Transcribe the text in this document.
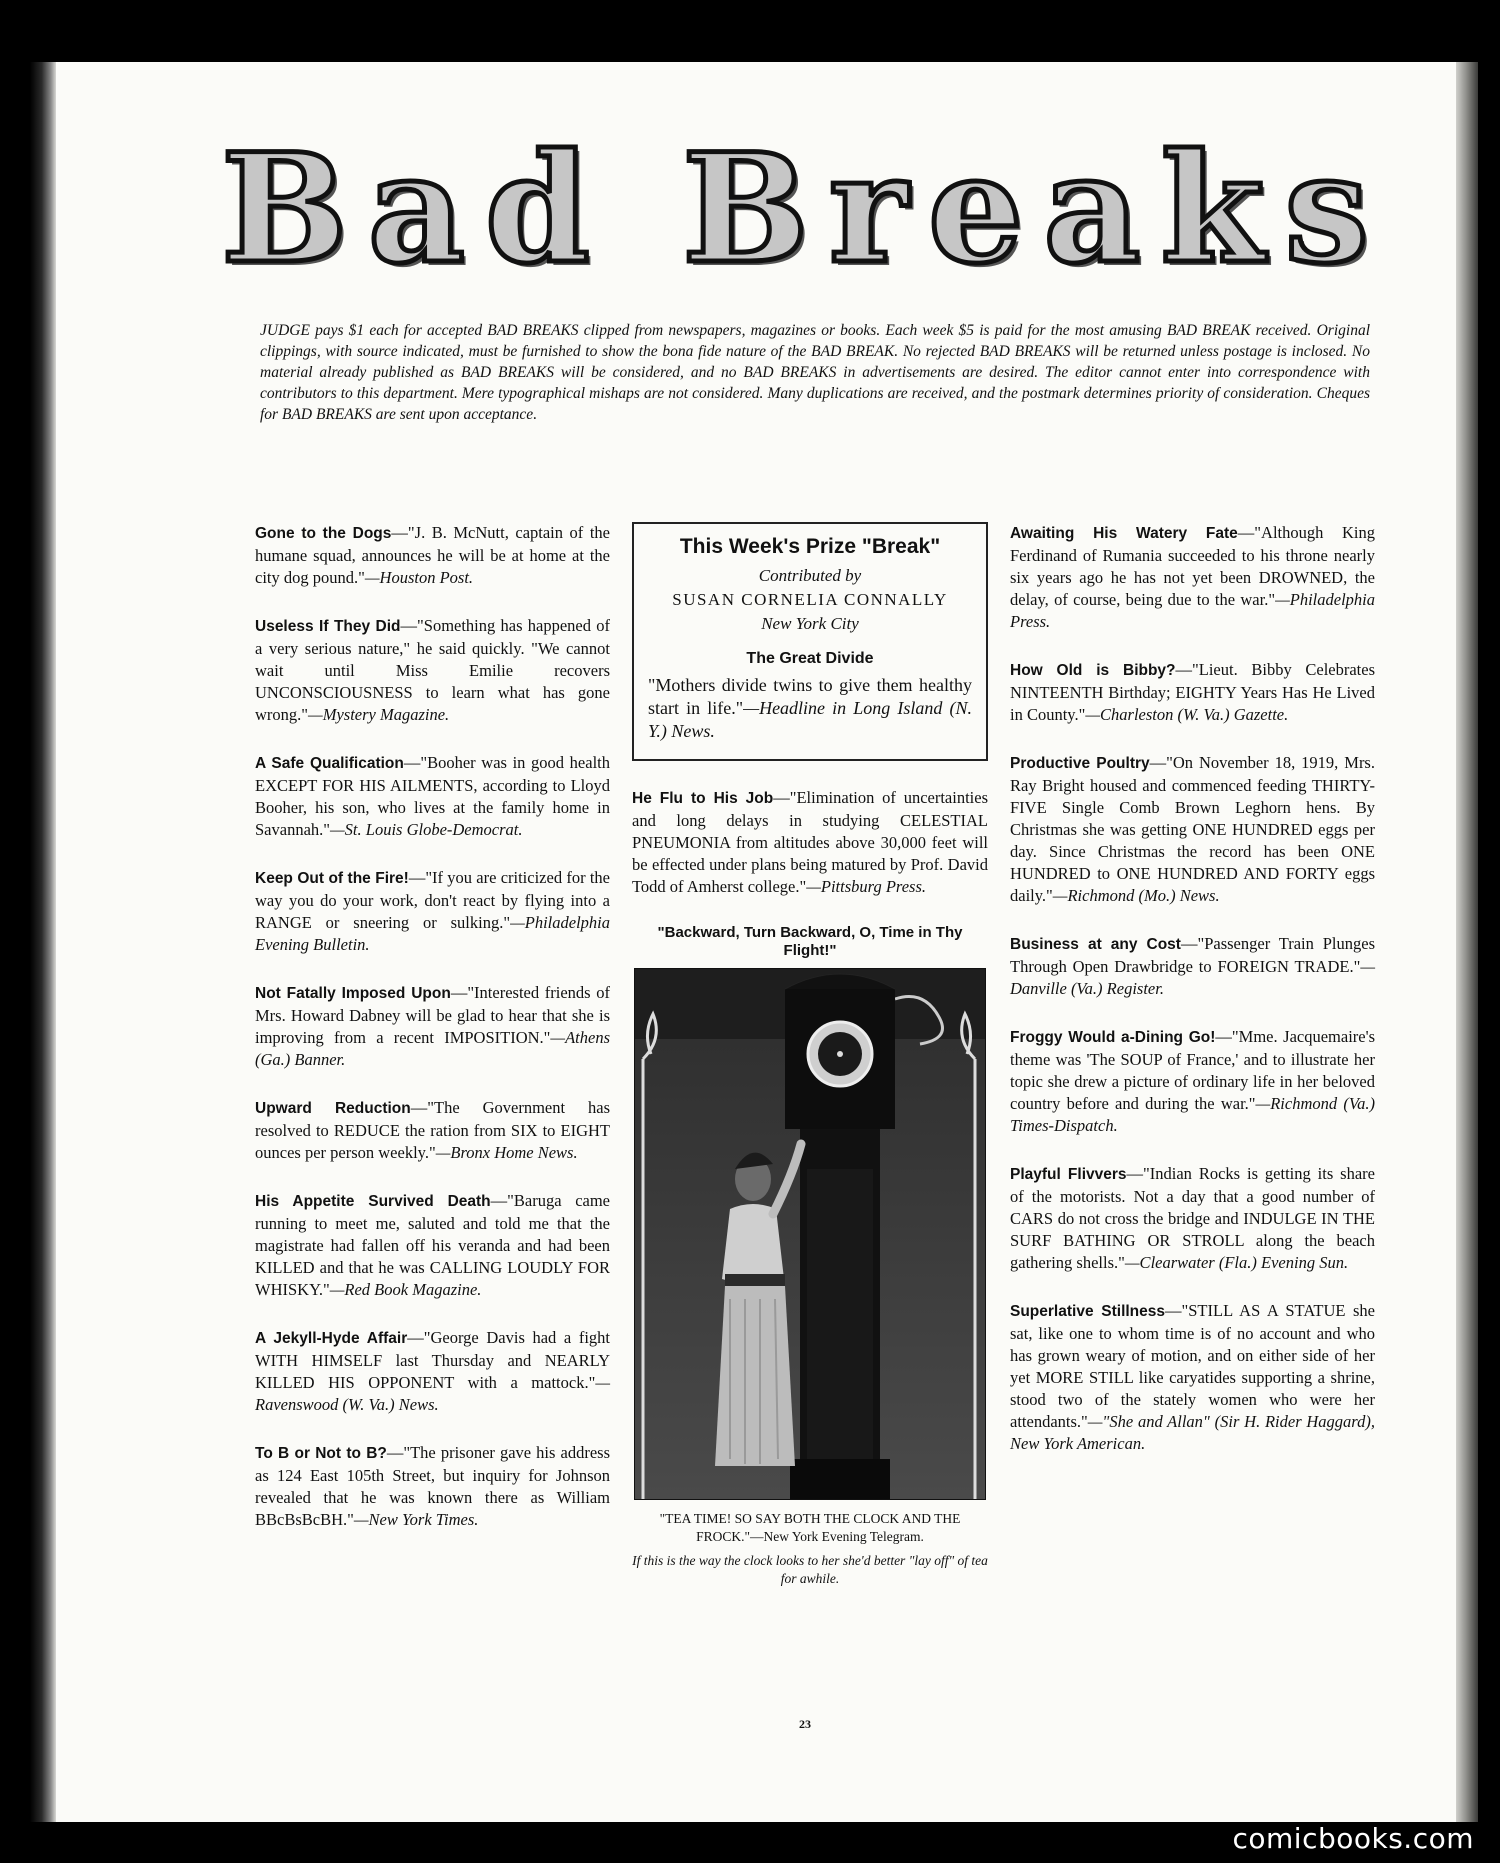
Bad Breaks
JUDGE pays $1 each for accepted BAD BREAKS clipped from newspapers, magazines or books. Each week $5 is paid for the most amusing BAD BREAK received. Original clippings, with source indicated, must be furnished to show the bona fide nature of the BAD BREAK. No rejected BAD BREAKS will be returned unless postage is inclosed. No material already published as BAD BREAKS will be considered, and no BAD BREAKS in advertisements are desired. The editor cannot enter into correspondence with contributors to this department. Mere typographical mishaps are not considered. Many duplications are received, and the postmark determines priority of consideration. Cheques for BAD BREAKS are sent upon acceptance.
Gone to the Dogs—"J. B. McNutt, captain of the humane squad, announces he will be at home at the city dog pound."—Houston Post.
Useless If They Did—"Something has happened of a very serious nature," he said quickly. "We cannot wait until Miss Emilie recovers UNCONSCIOUSNESS to learn what has gone wrong."—Mystery Magazine.
A Safe Qualification—"Booher was in good health EXCEPT FOR HIS AILMENTS, according to Lloyd Booher, his son, who lives at the family home in Savannah."—St. Louis Globe-Democrat.
Keep Out of the Fire!—"If you are criticized for the way you do your work, don't react by flying into a RANGE or sneering or sulking."—Philadelphia Evening Bulletin.
Not Fatally Imposed Upon—"Interested friends of Mrs. Howard Dabney will be glad to hear that she is improving from a recent IMPOSITION."—Athens (Ga.) Banner.
Upward Reduction—"The Government has resolved to REDUCE the ration from SIX to EIGHT ounces per person weekly."—Bronx Home News.
His Appetite Survived Death—"Baruga came running to meet me, saluted and told me that the magistrate had fallen off his veranda and had been KILLED and that he was CALLING LOUDLY FOR WHISKY."—Red Book Magazine.
A Jekyll-Hyde Affair—"George Davis had a fight WITH HIMSELF last Thursday and NEARLY KILLED HIS OPPONENT with a mattock."—Ravenswood (W. Va.) News.
To B or Not to B?—"The prisoner gave his address as 124 East 105th Street, but inquiry for Johnson revealed that he was known there as William BBcBsBcBH."—New York Times.
This Week's Prize "Break"
Contributed by
SUSAN CORNELIA CONNALLY
New York City
The Great Divide
"Mothers divide twins to give them healthy start in life."—Headline in Long Island (N. Y.) News.
He Flu to His Job—"Elimination of uncertainties and long delays in studying CELESTIAL PNEUMONIA from altitudes above 30,000 feet will be effected under plans being matured by Prof. David Todd of Amherst college."—Pittsburg Press.
"Backward, Turn Backward, O, Time in Thy Flight!"
"TEA TIME! SO SAY BOTH THE CLOCK AND THE FROCK."—New York Evening Telegram.
If this is the way the clock looks to her she'd better "lay off" of tea for awhile.
Awaiting His Watery Fate—"Although King Ferdinand of Rumania succeeded to his throne nearly six years ago he has not yet been DROWNED, the delay, of course, being due to the war."—Philadelphia Press.
How Old is Bibby?—"Lieut. Bibby Celebrates NINTEENTH Birthday; EIGHTY Years Has He Lived in County."—Charleston (W. Va.) Gazette.
Productive Poultry—"On November 18, 1919, Mrs. Ray Bright housed and commenced feeding THIRTY-FIVE Single Comb Brown Leghorn hens. By Christmas she was getting ONE HUNDRED eggs per day. Since Christmas the record has been ONE HUNDRED to ONE HUNDRED AND FORTY eggs daily."—Richmond (Mo.) News.
Business at any Cost—"Passenger Train Plunges Through Open Drawbridge to FOREIGN TRADE."—Danville (Va.) Register.
Froggy Would a-Dining Go!—"Mme. Jacquemaire's theme was 'The SOUP of France,' and to illustrate her topic she drew a picture of ordinary life in her beloved country before and during the war."—Richmond (Va.) Times-Dispatch.
Playful Flivvers—"Indian Rocks is getting its share of the motorists. Not a day that a good number of CARS do not cross the bridge and INDULGE IN THE SURF BATHING OR STROLL along the beach gathering shells."—Clearwater (Fla.) Evening Sun.
Superlative Stillness—"STILL AS A STATUE she sat, like one to whom time is of no account and who has grown weary of motion, and on either side of her yet MORE STILL like caryatides supporting a shrine, stood two of the stately women who were her attendants."—"She and Allan" (Sir H. Rider Haggard), New York American.
23
comicbooks.com
